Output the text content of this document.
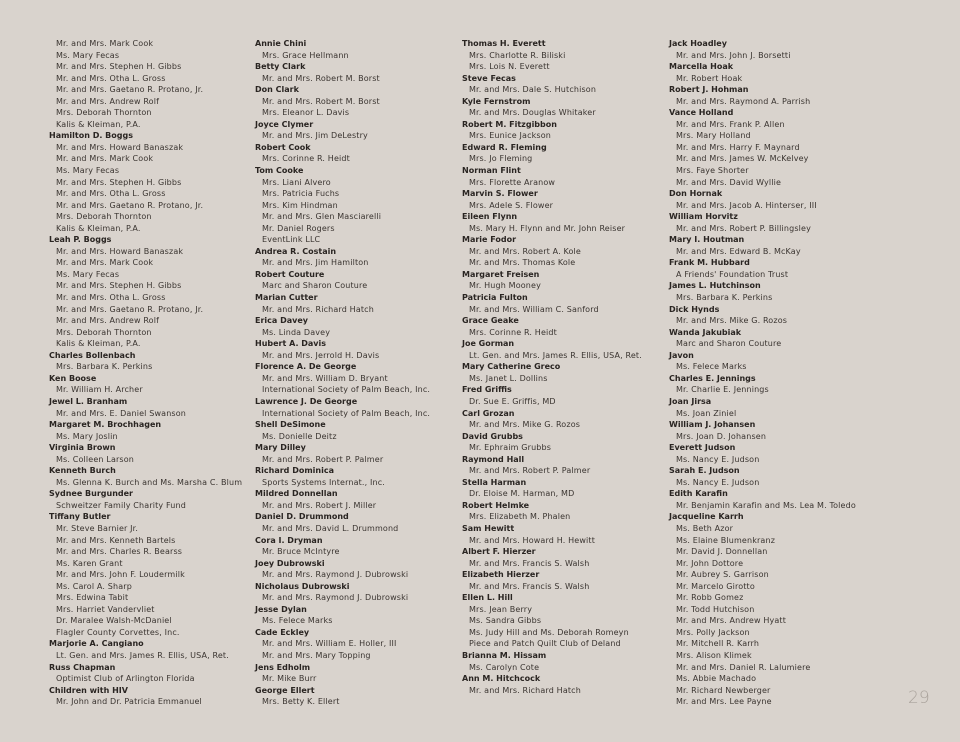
Mr. and Mrs. Mark Cook
Ms. Mary Fecas
Mr. and Mrs. Stephen H. Gibbs
Mr. and Mrs. Otha L. Gross
Mr. and Mrs. Gaetano R. Protano, Jr.
Mr. and Mrs. Andrew Rolf
Mrs. Deborah Thornton
Kalis & Kleiman, P.A.
Hamilton D. Boggs
Mr. and Mrs. Howard Banaszak
Mr. and Mrs. Mark Cook
Ms. Mary Fecas
Mr. and Mrs. Stephen H. Gibbs
Mr. and Mrs. Otha L. Gross
Mr. and Mrs. Gaetano R. Protano, Jr.
Mrs. Deborah Thornton
Kalis & Kleiman, P.A.
Leah P. Boggs
Mr. and Mrs. Howard Banaszak
Mr. and Mrs. Mark Cook
Ms. Mary Fecas
Mr. and Mrs. Stephen H. Gibbs
Mr. and Mrs. Otha L. Gross
Mr. and Mrs. Gaetano R. Protano, Jr.
Mr. and Mrs. Andrew Rolf
Mrs. Deborah Thornton
Kalis & Kleiman, P.A.
Charles Bollenbach
Mrs. Barbara K. Perkins
Ken Boose
Mr. William H. Archer
Jewel L. Branham
Mr. and Mrs. E. Daniel Swanson
Margaret M. Brochhagen
Ms. Mary Joslin
Virginia Brown
Ms. Colleen Larson
Kenneth Burch
Ms. Glenna K. Burch and Ms. Marsha C. Blum
Sydnee Burgunder
Schweitzer Family Charity Fund
Tiffany Butler
Mr. Steve Barnier Jr.
Mr. and Mrs. Kenneth Bartels
Mr. and Mrs. Charles R. Bearss
Ms. Karen Grant
Mr. and Mrs. John F. Loudermilk
Ms. Carol A. Sharp
Mrs. Edwina Tabit
Mrs. Harriet Vandervliet
Dr. Maralee Walsh-McDaniel
Flagler County Corvettes, Inc.
Marjorie A. Cangiano
Lt. Gen. and Mrs. James R. Ellis, USA, Ret.
Russ Chapman
Optimist Club of Arlington Florida
Children with HIV
Mr. John and Dr. Patricia Emmanuel
Annie Chini
Mrs. Grace Hellmann
Betty Clark
Mr. and Mrs. Robert M. Borst
Don Clark
Mr. and Mrs. Robert M. Borst
Mrs. Eleanor L. Davis
Joyce Clymer
Mr. and Mrs. Jim DeLestry
Robert Cook
Mrs. Corinne R. Heidt
Tom Cooke
Mrs. Liani Alvero
Mrs. Patricia Fuchs
Mrs. Kim Hindman
Mr. and Mrs. Glen Masciarelli
Mr. Daniel Rogers
EventLink LLC
Andrea R. Costain
Mr. and Mrs. Jim Hamilton
Robert Couture
Marc and Sharon Couture
Marian Cutter
Mr. and Mrs. Richard Hatch
Erica Davey
Ms. Linda Davey
Hubert A. Davis
Mr. and Mrs. Jerrold H. Davis
Florence A. De George
Mr. and Mrs. William D. Bryant
International Society of Palm Beach, Inc.
Lawrence J. De George
International Society of Palm Beach, Inc.
Shell DeSimone
Ms. Donielle Deitz
Mary Dilley
Mr. and Mrs. Robert P. Palmer
Richard Dominica
Sports Systems Internat., Inc.
Mildred Donnellan
Mr. and Mrs. Robert J. Miller
Daniel D. Drummond
Mr. and Mrs. David L. Drummond
Cora I. Dryman
Mr. Bruce McIntyre
Joey Dubrowski
Mr. and Mrs. Raymond J. Dubrowski
Nicholaus Dubrowski
Mr. and Mrs. Raymond J. Dubrowski
Jesse Dylan
Ms. Felece Marks
Cade Eckley
Mr. and Mrs. William E. Holler, III
Mr. and Mrs. Mary Topping
Jens Edholm
Mr. Mike Burr
George Ellert
Mrs. Betty K. Ellert
Thomas H. Everett
Mrs. Charlotte R. Biliski
Mrs. Lois N. Everett
Steve Fecas
Mr. and Mrs. Dale S. Hutchison
Kyle Fernstrom
Mr. and Mrs. Douglas Whitaker
Robert M. Fitzgibbon
Mrs. Eunice Jackson
Edward R. Fleming
Mrs. Jo Fleming
Norman Flint
Mrs. Florette Aranow
Marvin S. Flower
Mrs. Adele S. Flower
Eileen Flynn
Ms. Mary H. Flynn and Mr. John Reiser
Marie Fodor
Mr. and Mrs. Robert A. Kole
Mr. and Mrs. Thomas Kole
Margaret Freisen
Mr. Hugh Mooney
Patricia Fulton
Mr. and Mrs. William C. Sanford
Grace Geake
Mrs. Corinne R. Heidt
Joe Gorman
Lt. Gen. and Mrs. James R. Ellis, USA, Ret.
Mary Catherine Greco
Ms. Janet L. Dollins
Fred Griffis
Dr. Sue E. Griffis, MD
Carl Grozan
Mr. and Mrs. Mike G. Rozos
David Grubbs
Mr. Ephraim Grubbs
Raymond Hall
Mr. and Mrs. Robert P. Palmer
Stella Harman
Dr. Eloise M. Harman, MD
Robert Helmke
Mrs. Elizabeth M. Phalen
Sam Hewitt
Mr. and Mrs. Howard H. Hewitt
Albert F. Hierzer
Mr. and Mrs. Francis S. Walsh
Elizabeth Hierzer
Mr. and Mrs. Francis S. Walsh
Ellen L. Hill
Mrs. Jean Berry
Ms. Sandra Gibbs
Ms. Judy Hill and Ms. Deborah Romeyn
Piece and Patch Quilt Club of Deland
Brianna M. Hissam
Ms. Carolyn Cote
Ann M. Hitchcock
Mr. and Mrs. Richard Hatch
Jack Hoadley
Mr. and Mrs. John J. Borsetti
Marcella Hoak
Mr. Robert Hoak
Robert J. Hohman
Mr. and Mrs. Raymond A. Parrish
Vance Holland
Mr. and Mrs. Frank P. Allen
Mrs. Mary Holland
Mr. and Mrs. Harry F. Maynard
Mr. and Mrs. James W. McKelvey
Mrs. Faye Shorter
Mr. and Mrs. David Wyllie
Don Hornak
Mr. and Mrs. Jacob A. Hinterser, III
William Horvitz
Mr. and Mrs. Robert P. Billingsley
Mary I. Houtman
Mr. and Mrs. Edward B. McKay
Frank M. Hubbard
A Friends' Foundation Trust
James L. Hutchinson
Mrs. Barbara K. Perkins
Dick Hynds
Mr. and Mrs. Mike G. Rozos
Wanda Jakubiak
Marc and Sharon Couture
Javon
Ms. Felece Marks
Charles E. Jennings
Mr. Charlie E. Jennings
Joan Jirsa
Ms. Joan Ziniel
William J. Johansen
Mrs. Joan D. Johansen
Everett Judson
Ms. Nancy E. Judson
Sarah E. Judson
Ms. Nancy E. Judson
Edith Karafin
Mr. Benjamin Karafin and Ms. Lea M. Toledo
Jacqueline Karrh
Ms. Beth Azor
Ms. Elaine Blumenkranz
Mr. David J. Donnellan
Mr. John Dottore
Mr. Aubrey S. Garrison
Mr. Marcelo Girotto
Mr. Robb Gomez
Mr. Todd Hutchison
Mr. and Mrs. Andrew Hyatt
Mrs. Polly Jackson
Mr. Mitchell R. Karrh
Mrs. Alison Klimek
Mr. and Mrs. Daniel R. Lalumiere
Ms. Abbie Machado
Mr. Richard Newberger
Mr. and Mrs. Lee Payne	29
